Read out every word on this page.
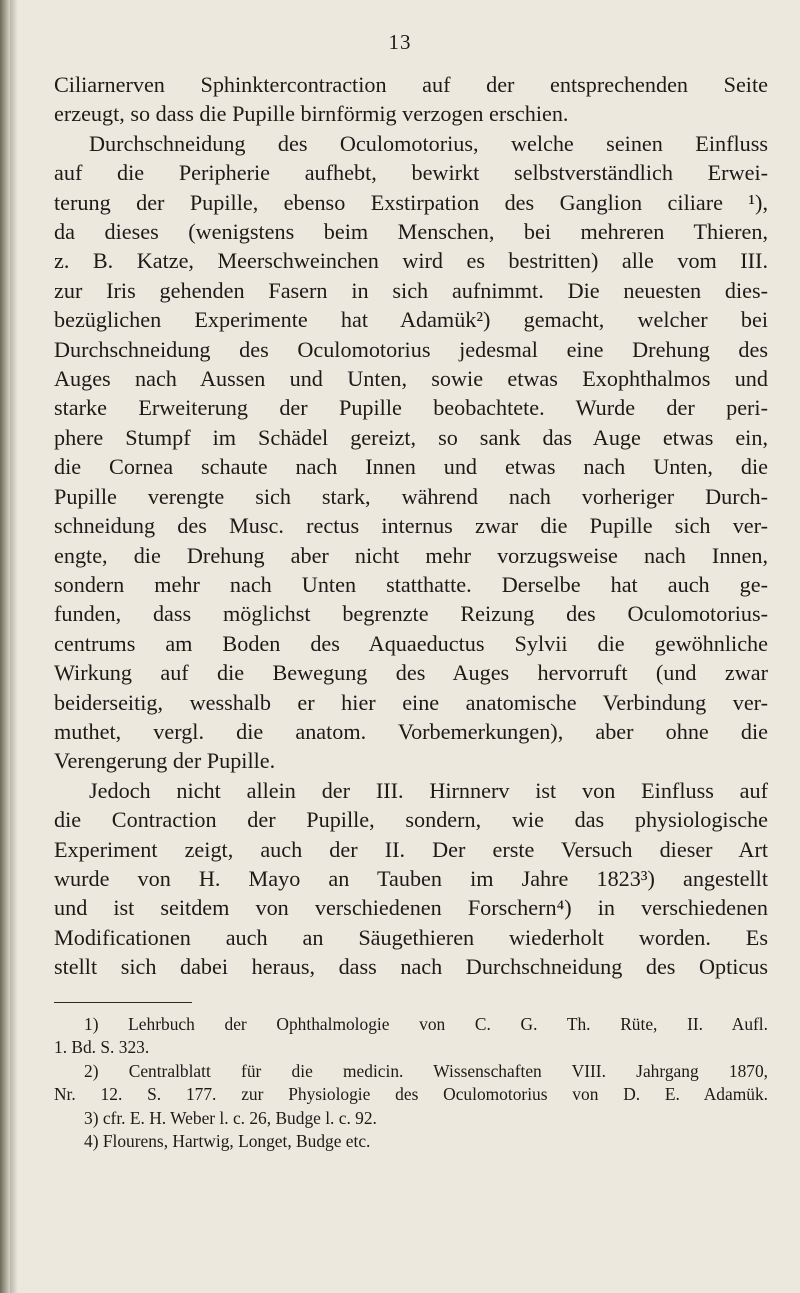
13
Ciliarnerven Sphinktercontraction auf der entsprechenden Seite
erzeugt, so dass die Pupille birnförmig verzogen erschien.
Durchschneidung des Oculomotorius, welche seinen Einfluss
auf die Peripherie aufhebt, bewirkt selbstverständlich Erwei-
terung der Pupille, ebenso Exstirpation des Ganglion ciliare ¹),
da dieses (wenigstens beim Menschen, bei mehreren Thieren,
z. B. Katze, Meerschweinchen wird es bestritten) alle vom III.
zur Iris gehenden Fasern in sich aufnimmt. Die neuesten dies-
bezüglichen Experimente hat Adamük²) gemacht, welcher bei
Durchschneidung des Oculomotorius jedesmal eine Drehung des
Auges nach Aussen und Unten, sowie etwas Exophthalmos und
starke Erweiterung der Pupille beobachtete. Wurde der peri-
phere Stumpf im Schädel gereizt, so sank das Auge etwas ein,
die Cornea schaute nach Innen und etwas nach Unten, die
Pupille verengte sich stark, während nach vorheriger Durch-
schneidung des Musc. rectus internus zwar die Pupille sich ver-
engte, die Drehung aber nicht mehr vorzugsweise nach Innen,
sondern mehr nach Unten statthatte. Derselbe hat auch ge-
funden, dass möglichst begrenzte Reizung des Oculomotorius-
centrums am Boden des Aquaeductus Sylvii die gewöhnliche
Wirkung auf die Bewegung des Auges hervorruft (und zwar
beiderseitig, wesshalb er hier eine anatomische Verbindung ver-
muthet, vergl. die anatom. Vorbemerkungen), aber ohne die
Verengerung der Pupille.
Jedoch nicht allein der III. Hirnnerv ist von Einfluss auf
die Contraction der Pupille, sondern, wie das physiologische
Experiment zeigt, auch der II. Der erste Versuch dieser Art
wurde von H. Mayo an Tauben im Jahre 1823³) angestellt
und ist seitdem von verschiedenen Forschern⁴) in verschiedenen
Modificationen auch an Säugethieren wiederholt worden. Es
stellt sich dabei heraus, dass nach Durchschneidung des Opticus
1) Lehrbuch der Ophthalmologie von C. G. Th. Rüte, II. Aufl.
1. Bd. S. 323.
2) Centralblatt für die medicin. Wissenschaften VIII. Jahrgang 1870,
Nr. 12. S. 177. zur Physiologie des Oculomotorius von D. E. Adamük.
3) cfr. E. H. Weber l. c. 26, Budge l. c. 92.
4) Flourens, Hartwig, Longet, Budge etc.
